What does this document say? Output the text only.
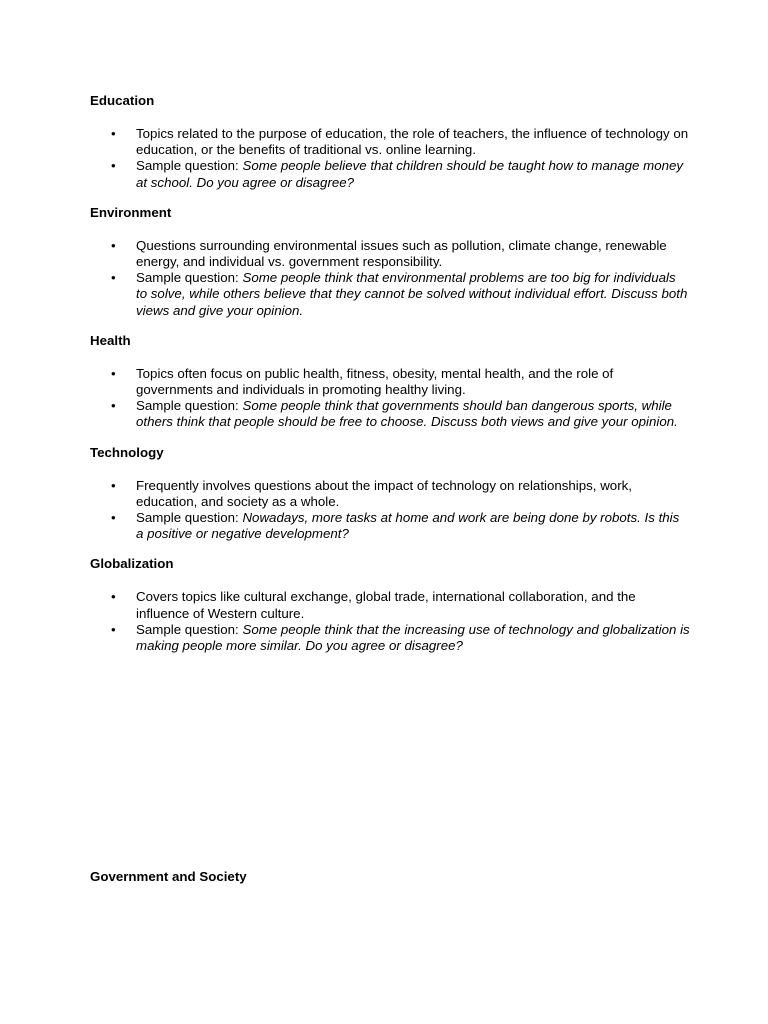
Education

• Topics related to the purpose of education, the role of teachers, the influence of technology on education, or the benefits of traditional vs. online learning.
• Sample question: Some people believe that children should be taught how to manage money at school. Do you agree or disagree?

Environment

• Questions surrounding environmental issues such as pollution, climate change, renewable energy, and individual vs. government responsibility.
• Sample question: Some people think that environmental problems are too big for individuals to solve, while others believe that they cannot be solved without individual effort. Discuss both views and give your opinion.

Health

• Topics often focus on public health, fitness, obesity, mental health, and the role of governments and individuals in promoting healthy living.
• Sample question: Some people think that governments should ban dangerous sports, while others think that people should be free to choose. Discuss both views and give your opinion.

Technology

• Frequently involves questions about the impact of technology on relationships, work, education, and society as a whole.
• Sample question: Nowadays, more tasks at home and work are being done by robots. Is this a positive or negative development?

Globalization

• Covers topics like cultural exchange, global trade, international collaboration, and the influence of Western culture.
• Sample question: Some people think that the increasing use of technology and globalization is making people more similar. Do you agree or disagree?

Government and Society
